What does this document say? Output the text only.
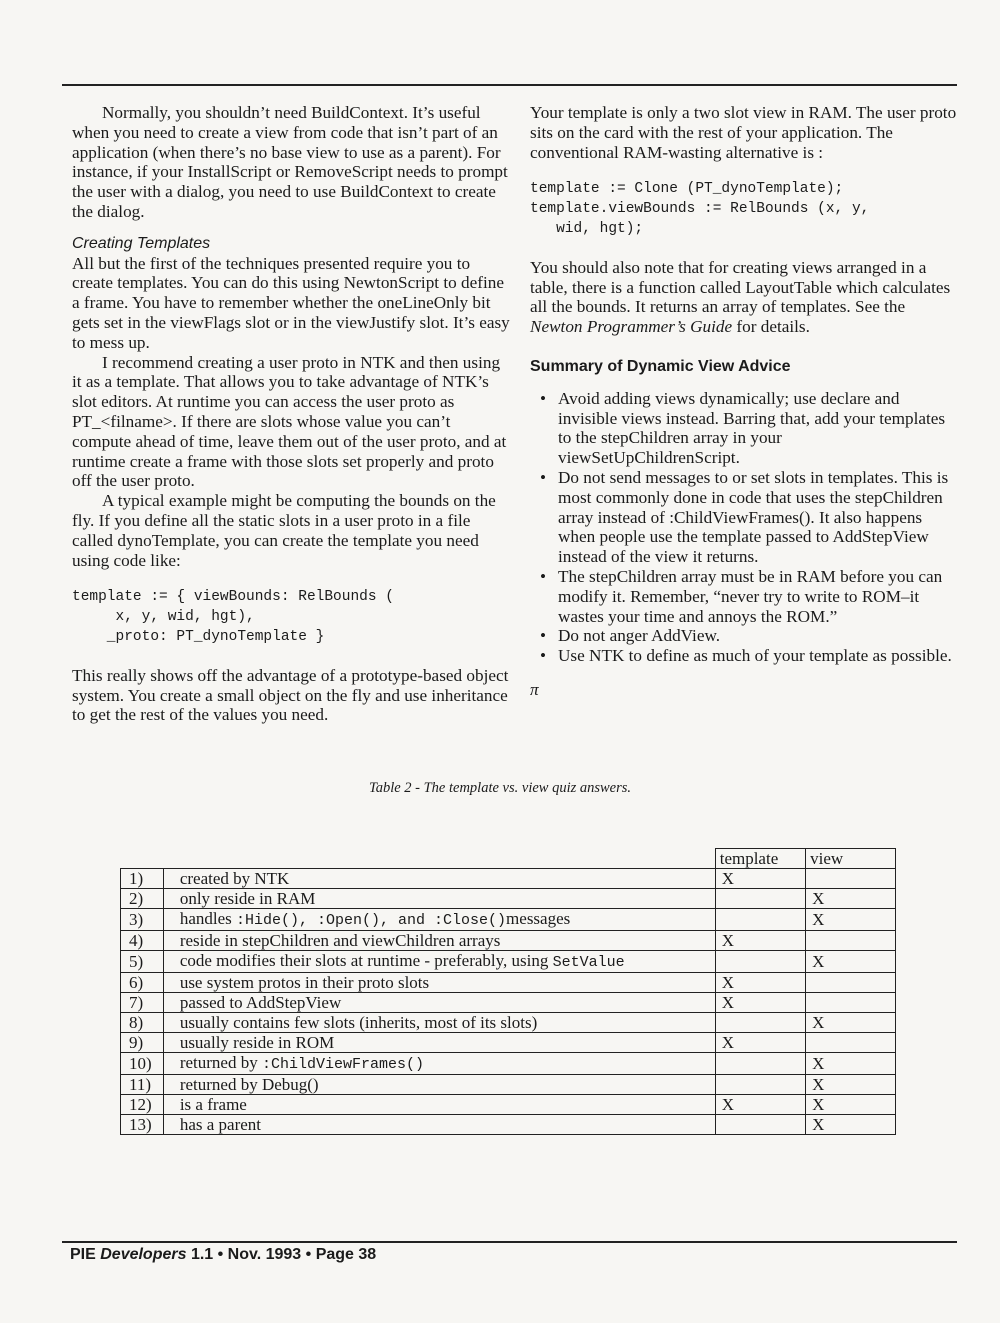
Normally, you shouldn’t need BuildContext. It’s useful when you need to create a view from code that isn’t part of an application (when there’s no base view to use as a parent). For instance, if your InstallScript or RemoveScript needs to prompt the user with a dialog, you need to use BuildContext to create the dialog.

Creating Templates

All but the first of the techniques presented require you to create templates. You can do this using NewtonScript to define a frame. You have to remember whether the oneLineOnly bit gets set in the viewFlags slot or in the viewJustify slot. It’s easy to mess up.

I recommend creating a user proto in NTK and then using it as a template. That allows you to take advantage of NTK’s slot editors. At runtime you can access the user proto as PT_<filname>. If there are slots whose value you can’t compute ahead of time, leave them out of the user proto, and at runtime create a frame with those slots set properly and proto off the user proto.

A typical example might be computing the bounds on the fly. If you define all the static slots in a user proto in a file called dynoTemplate, you can create the template you need using code like:

template := { viewBounds: RelBounds (
x, y, wid, hgt),
_proto: PT_dynoTemplate }

This really shows off the advantage of a prototype-based object system. You create a small object on the fly and use inheritance to get the rest of the values you need.

Your template is only a two slot view in RAM. The user proto sits on the card with the rest of your application. The conventional RAM-wasting alternative is :

template := Clone (PT_dynoTemplate);
template.viewBounds := RelBounds (x, y,
wid, hgt);

You should also note that for creating views arranged in a table, there is a function called LayoutTable which calculates all the bounds. It returns an array of templates. See the Newton Programmer’s Guide for details.

Summary of Dynamic View Advice

• Avoid adding views dynamically; use declare and invisible views instead. Barring that, add your templates to the stepChildren array in your viewSetUpChildrenScript.
• Do not send messages to or set slots in templates. This is most commonly done in code that uses the stepChildren array instead of :ChildViewFrames(). It also happens when people use the template passed to AddStepView instead of the view it returns.
• The stepChildren array must be in RAM before you can modify it. Remember, “never try to write to ROM–it wastes your time and annoys the ROM.”
• Do not anger AddView.
• Use NTK to define as much of your template as possible.

π

Table 2 - The template vs. view quiz answers.
		template	view
1)	created by NTK	X	
2)	only reside in RAM		X
3)	handles :Hide(), :Open(), and :Close()messages		X
4)	reside in stepChildren and viewChildren arrays	X	
5)	code modifies their slots at runtime - preferably, using SetValue		X
6)	use system protos in their proto slots	X	
7)	passed to AddStepView	X	
8)	usually contains few slots (inherits, most of its slots)		X
9)	usually reside in ROM	X	
10)	returned by :ChildViewFrames()		X
11)	returned by Debug()		X
12)	is a frame	X	X
13)	has a parent		X
PIE Developers 1.1 • Nov. 1993 • Page 38
